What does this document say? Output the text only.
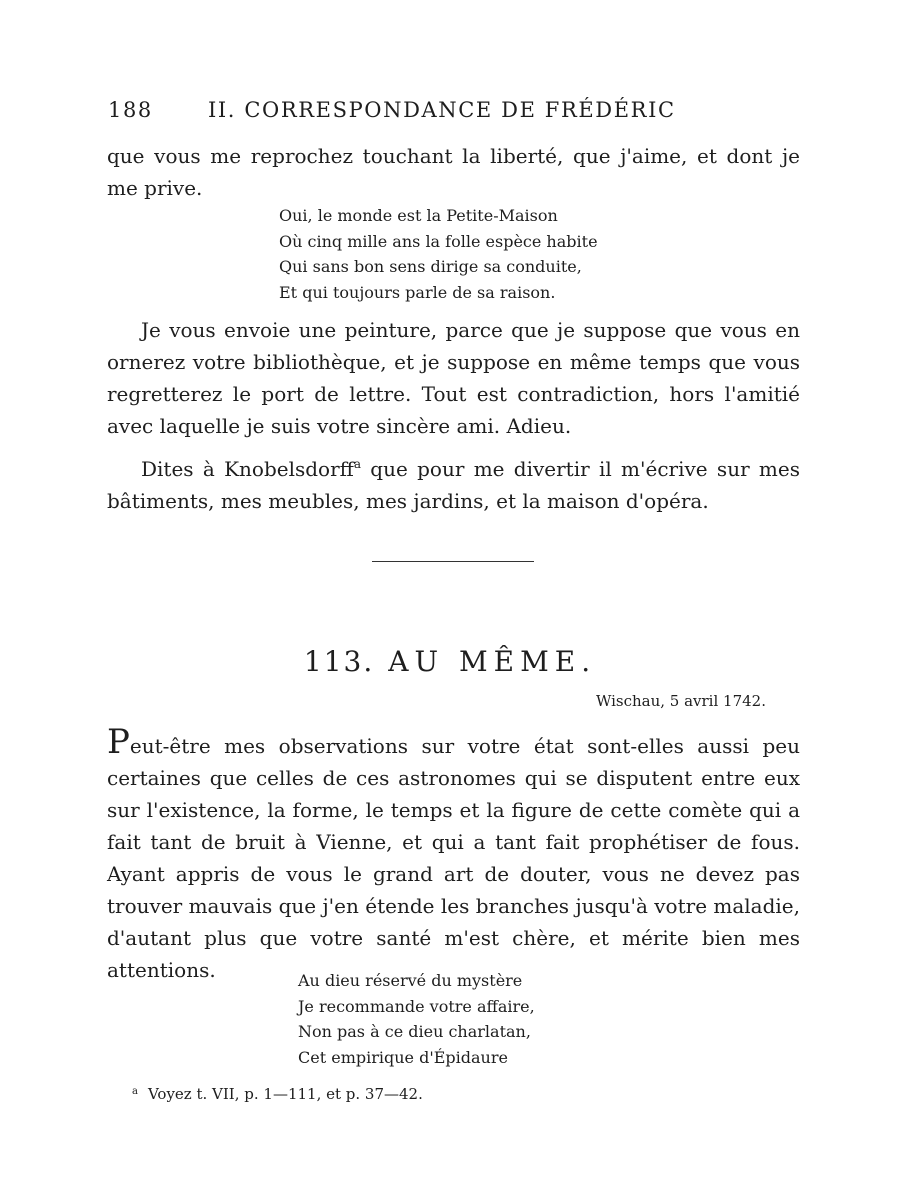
188	II. CORRESPONDANCE DE FRÉDÉRIC

que vous me reprochez touchant la liberté, que j'aime, et dont je me prive.

Oui, le monde est la Petite-Maison
Où cinq mille ans la folle espèce habite
Qui sans bon sens dirige sa conduite,
Et qui toujours parle de sa raison.

Je vous envoie une peinture, parce que je suppose que vous en ornerez votre bibliothèque, et je suppose en même temps que vous regretterez le port de lettre. Tout est contradiction, hors l'amitié avec laquelle je suis votre sincère ami. Adieu.

Dites à Knobelsdorff$^a$ que pour me divertir il m'écrive sur mes bâtiments, mes meubles, mes jardins, et la maison d'opéra.

113. AU MÊME.
Wischau, 5 avril 1742.

Peut-être mes observations sur votre état sont-elles aussi peu certaines que celles de ces astronomes qui se disputent entre eux sur l'existence, la forme, le temps et la figure de cette comète qui a fait tant de bruit à Vienne, et qui a tant fait prophétiser de fous. Ayant appris de vous le grand art de douter, vous ne devez pas trouver mauvais que j'en étende les branches jusqu'à votre maladie, d'autant plus que votre santé m'est chère, et mérite bien mes attentions.	Au dieu réservé du mystère
Je recommande votre affaire,
Non pas à ce dieu charlatan,
Cet empirique d'Épidaure
$^a$ Voyez t. VII, p. 1—111, et p. 37—42.
